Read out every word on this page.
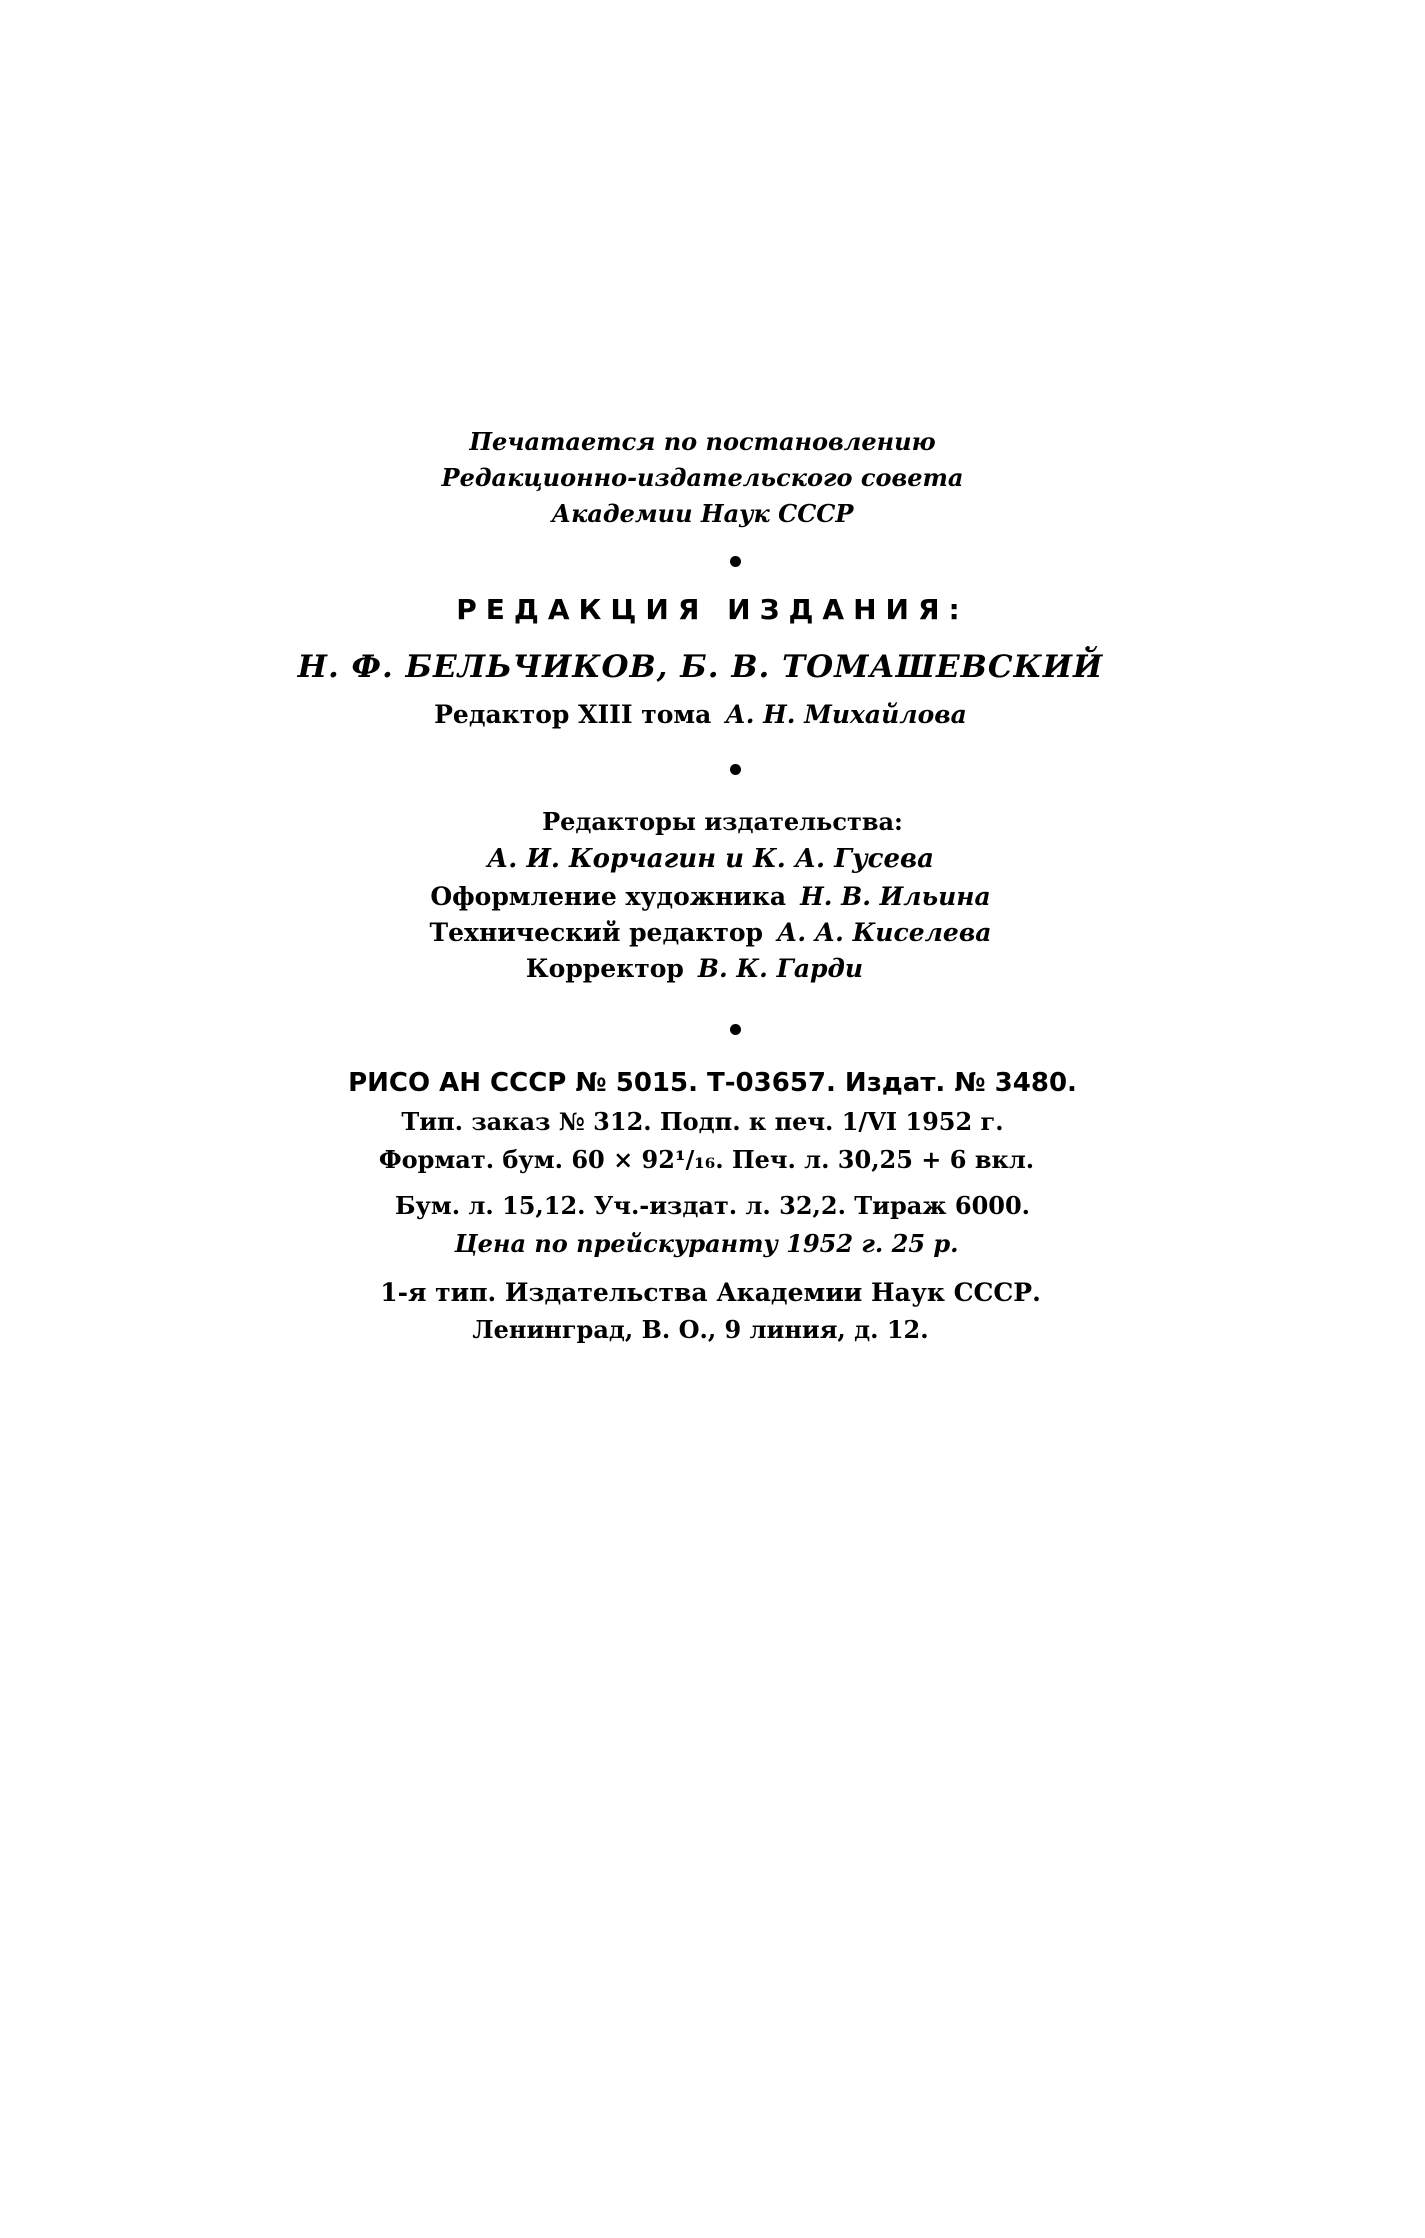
Печатается по постановлению
Редакционно-издательского совета
Академии Наук СССР
РЕДАКЦИЯ ИЗДАНИЯ:
Н. Ф. БЕЛЬЧИКОВ, Б. В. ТОМАШЕВСКИЙ
Редактор XIII тома А. Н. Михайлова
Редакторы издательства:
А. И. Корчагин и К. А. Гусева
Оформление художника Н. В. Ильина
Технический редактор А. А. Киселева
Корректор В. К. Гарди
РИСО АН СССР № 5015. Т-03657. Издат. № 3480.
Тип. заказ № 312. Подп. к печ. 1/VI 1952 г.
Формат. бум. 60 × 92¹/₁₆. Печ. л. 30,25 + 6 вкл.
Бум. л. 15,12. Уч.-издат. л. 32,2. Тираж 6000.
Цена по прейскуранту 1952 г. 25 р.
1-я тип. Издательства Академии Наук СССР.
Ленинград, В. О., 9 линия, д. 12.
